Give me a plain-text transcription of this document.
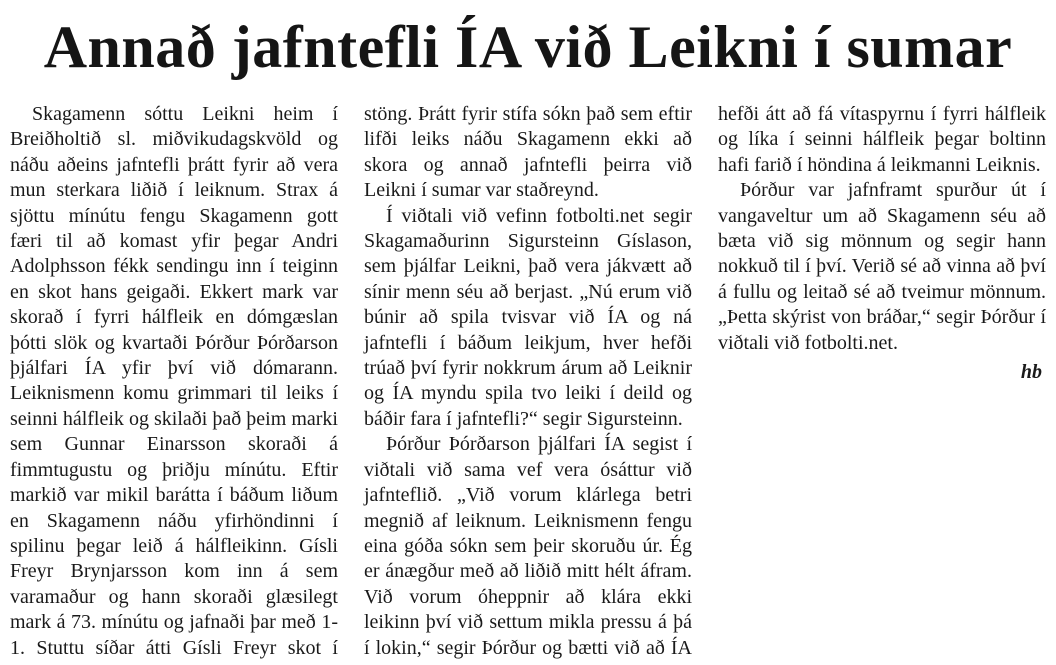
Annað jafntefli ÍA við Leikni í sumar

Skagamenn sóttu Leikni heim í Breiðholtið sl. miðvikudagskvöld og náðu aðeins jafntefli þrátt fyrir að vera mun sterkara liðið í leiknum. Strax á sjöttu mínútu fengu Skagamenn gott færi til að komast yfir þegar Andri Adolphsson fékk sendingu inn í teiginn en skot hans geigaði. Ekkert mark var skorað í fyrri hálfleik en dómgæslan þótti slök og kvartaði Þórður Þórðarson þjálfari ÍA yfir því við dómarann. Leiknismenn komu grimmari til leiks í seinni hálfleik og skilaði það þeim marki sem Gunnar Einarsson skoraði á fimmtugustu og þriðju mínútu. Eftir markið var mikil barátta í báðum liðum en Skagamenn náðu yfirhöndinni í spilinu þegar leið á hálfleikinn. Gísli Freyr Brynjarsson kom inn á sem varamaður og hann skoraði glæsilegt mark á 73. mínútu og jafnaði þar með 1-1. Stuttu síðar átti Gísli Freyr skot í stöng. Þrátt fyrir stífa sókn það sem eftir lifði leiks náðu Skagamenn ekki að skora og annað jafntefli þeirra við Leikni í sumar var staðreynd.

Í viðtali við vefinn fotbolti.net segir Skagamaðurinn Sigursteinn Gíslason, sem þjálfar Leikni, það vera jákvætt að sínir menn séu að berjast. „Nú erum við búnir að spila tvisvar við ÍA og ná jafntefli í báðum leikjum, hver hefði trúað því fyrir nokkrum árum að Leiknir og ÍA myndu spila tvo leiki í deild og báðir fara í jafntefli?“ segir Sigursteinn.

Þórður Þórðarson þjálfari ÍA segist í viðtali við sama vef vera ósáttur við jafnteflið. „Við vorum klárlega betri megnið af leiknum. Leiknismenn fengu eina góða sókn sem þeir skoruðu úr. Ég er ánægður með að liðið mitt hélt áfram. Við vorum óheppnir að klára ekki leikinn því við settum mikla pressu á þá í lokin,“ segir Þórður og bætti við að ÍA hefði átt að fá vítaspyrnu í fyrri hálfleik og líka í seinni hálfleik þegar boltinn hafi farið í höndina á leikmanni Leiknis.

Þórður var jafnframt spurður út í vangaveltur um að Skagamenn séu að bæta við sig mönnum og segir hann nokkuð til í því. Verið sé að vinna að því á fullu og leitað sé að tveimur mönnum. „Þetta skýrist von bráðar,“ segir Þórður í viðtali við fotbolti.net.

hb
